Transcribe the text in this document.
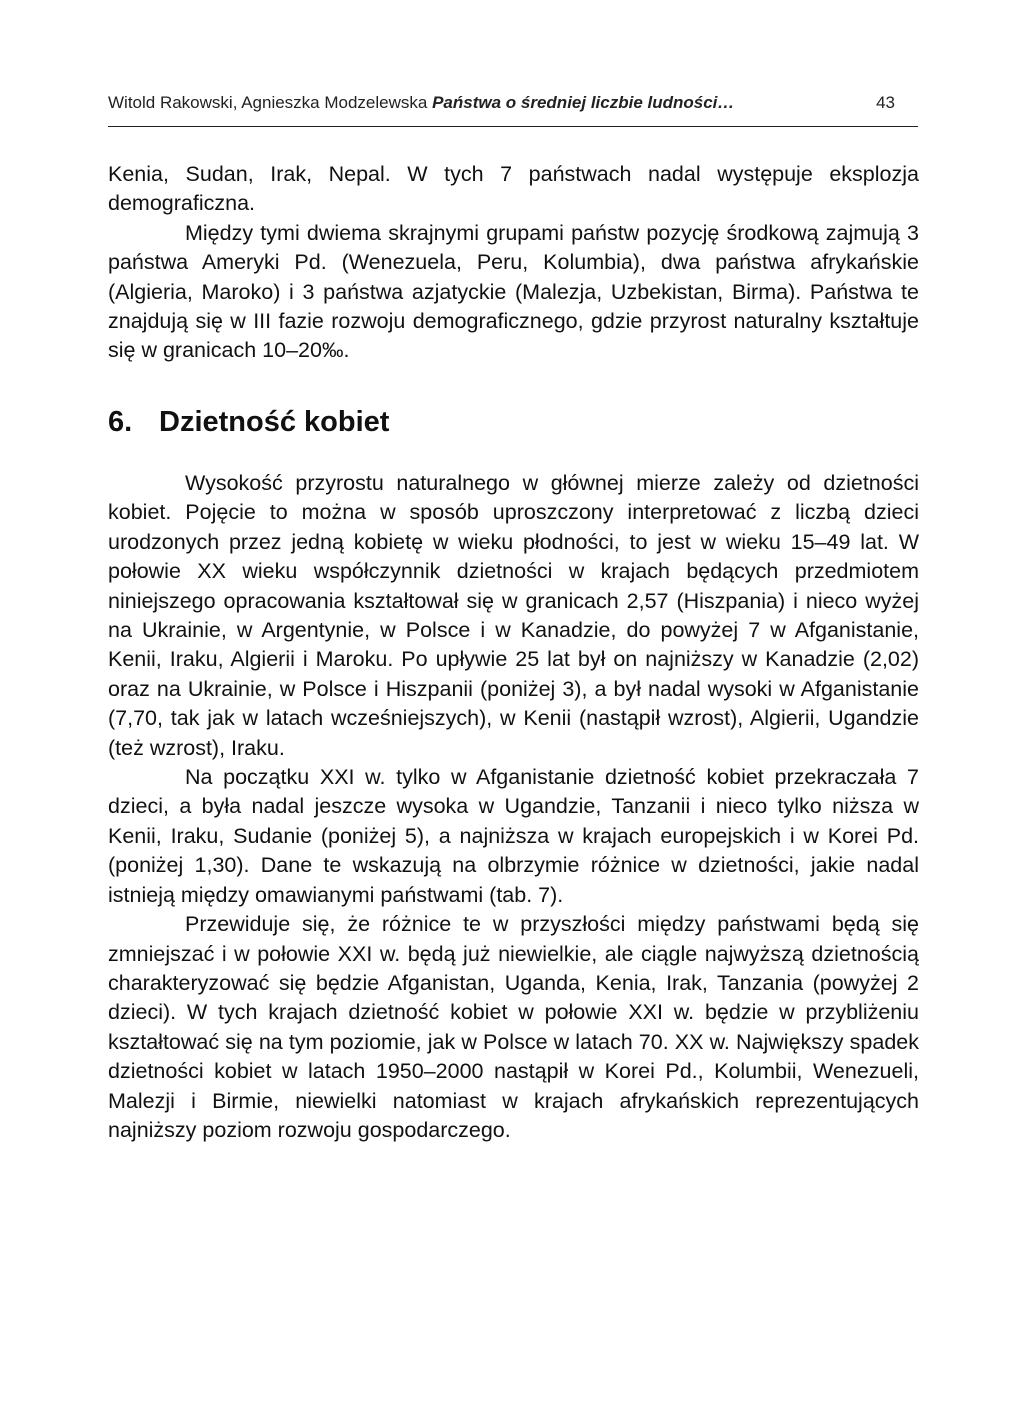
Witold Rakowski, Agnieszka Modzelewska Państwa o średniej liczbie ludności…	43

Kenia, Sudan, Irak, Nepal. W tych 7 państwach nadal występuje eksplozja demograficzna.

Między tymi dwiema skrajnymi grupami państw pozycję środkową zajmują 3 państwa Ameryki Pd. (Wenezuela, Peru, Kolumbia), dwa państwa afrykańskie (Algieria, Maroko) i 3 państwa azjatyckie (Malezja, Uzbekistan, Birma). Państwa te znajdują się w III fazie rozwoju demograficznego, gdzie przyrost naturalny kształtuje się w granicach 10–20‰.

6. Dzietność kobiet

Wysokość przyrostu naturalnego w głównej mierze zależy od dzietności kobiet. Pojęcie to można w sposób uproszczony interpretować z liczbą dzieci urodzonych przez jedną kobietę w wieku płodności, to jest w wieku 15–49 lat. W połowie XX wieku współczynnik dzietności w krajach będących przedmiotem niniejszego opracowania kształtował się w granicach 2,57 (Hiszpania) i nieco wyżej na Ukrainie, w Argentynie, w Polsce i w Kanadzie, do powyżej 7 w Afganistanie, Kenii, Iraku, Algierii i Maroku. Po upływie 25 lat był on najniższy w Kanadzie (2,02) oraz na Ukrainie, w Polsce i Hiszpanii (poniżej 3), a był nadal wysoki w Afganistanie (7,70, tak jak w latach wcześniejszych), w Kenii (nastąpił wzrost), Algierii, Ugandzie (też wzrost), Iraku.

Na początku XXI w. tylko w Afganistanie dzietność kobiet przekraczała 7 dzieci, a była nadal jeszcze wysoka w Ugandzie, Tanzanii i nieco tylko niższa w Kenii, Iraku, Sudanie (poniżej 5), a najniższa w krajach europejskich i w Korei Pd. (poniżej 1,30). Dane te wskazują na olbrzymie różnice w dzietności, jakie nadal istnieją między omawianymi państwami (tab. 7).

Przewiduje się, że różnice te w przyszłości między państwami będą się zmniejszać i w połowie XXI w. będą już niewielkie, ale ciągle najwyższą dzietnością charakteryzować się będzie Afganistan, Uganda, Kenia, Irak, Tanzania (powyżej 2 dzieci). W tych krajach dzietność kobiet w połowie XXI w. będzie w przybliżeniu kształtować się na tym poziomie, jak w Polsce w latach 70. XX w. Największy spadek dzietności kobiet w latach 1950–2000 nastąpił w Korei Pd., Kolumbii, Wenezueli, Malezji i Birmie, niewielki natomiast w krajach afrykańskich reprezentujących najniższy poziom rozwoju gospodarczego.
